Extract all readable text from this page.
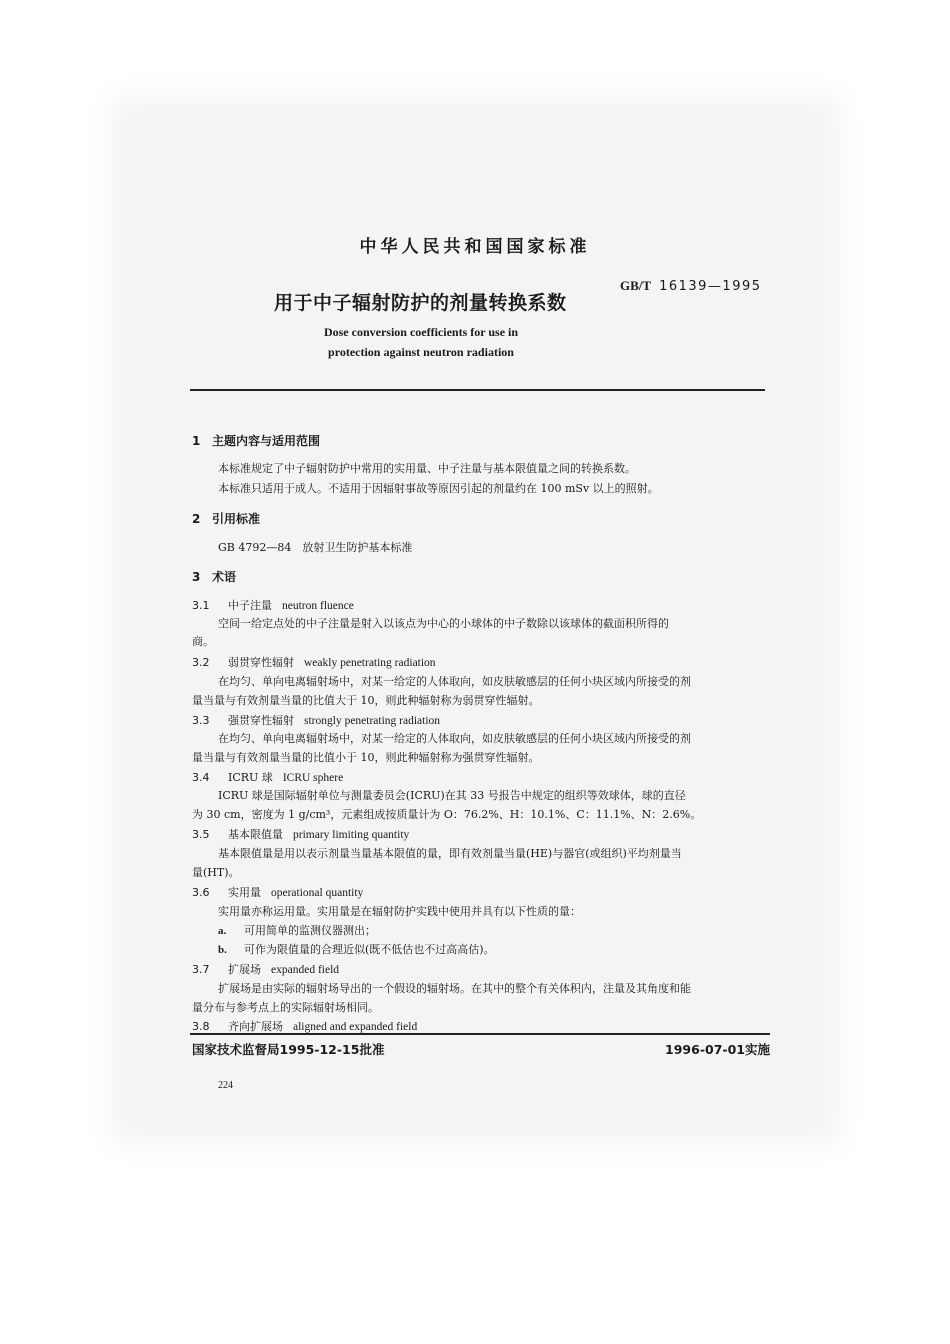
中华人民共和国国家标准
用于中子辐射防护的剂量转换系数
GB/T 16139—1995
Dose conversion coefficients for use in
protection against neutron radiation
1 主题内容与适用范围
本标准规定了中子辐射防护中常用的实用量、中子注量与基本限值量之间的转换系数。
本标准只适用于成人。不适用于因辐射事故等原因引起的剂量约在 100 mSv 以上的照射。
2 引用标准
GB 4792—84　放射卫生防护基本标准
3 术语
3.1 中子注量 neutron fluence
空间一给定点处的中子注量是射入以该点为中心的小球体的中子数除以该球体的截面积所得的
商。
3.2 弱贯穿性辐射 weakly penetrating radiation
在均匀、单向电离辐射场中，对某一给定的人体取向，如皮肤敏感层的任何小块区域内所接受的剂
量当量与有效剂量当量的比值大于 10，则此种辐射称为弱贯穿性辐射。
3.3 强贯穿性辐射 strongly penetrating radiation
在均匀、单向电离辐射场中，对某一给定的人体取向，如皮肤敏感层的任何小块区域内所接受的剂
量当量与有效剂量当量的比值小于 10，则此种辐射称为强贯穿性辐射。
3.4 ICRU 球 ICRU sphere
ICRU 球是国际辐射单位与测量委员会(ICRU)在其 33 号报告中规定的组织等效球体，球的直径
为 30 cm，密度为 1 g/cm³，元素组成按质量计为 O：76.2%、H：10.1%、C：11.1%、N：2.6%。
3.5 基本限值量 primary limiting quantity
基本限值量是用以表示剂量当量基本限值的量，即有效剂量当量(HE)与器官(或组织)平均剂量当
量(HT)。
3.6 实用量 operational quantity
实用量亦称运用量。实用量是在辐射防护实践中使用并具有以下性质的量：
a. 可用简单的监测仪器测出；
b. 可作为限值量的合理近似(既不低估也不过高高估)。
3.7 扩展场 expanded field
扩展场是由实际的辐射场导出的一个假设的辐射场。在其中的整个有关体积内，注量及其角度和能
量分布与参考点上的实际辐射场相同。
3.8 齐向扩展场 aligned and expanded field
国家技术监督局1995-12-15批准	1996-07-01实施
224
